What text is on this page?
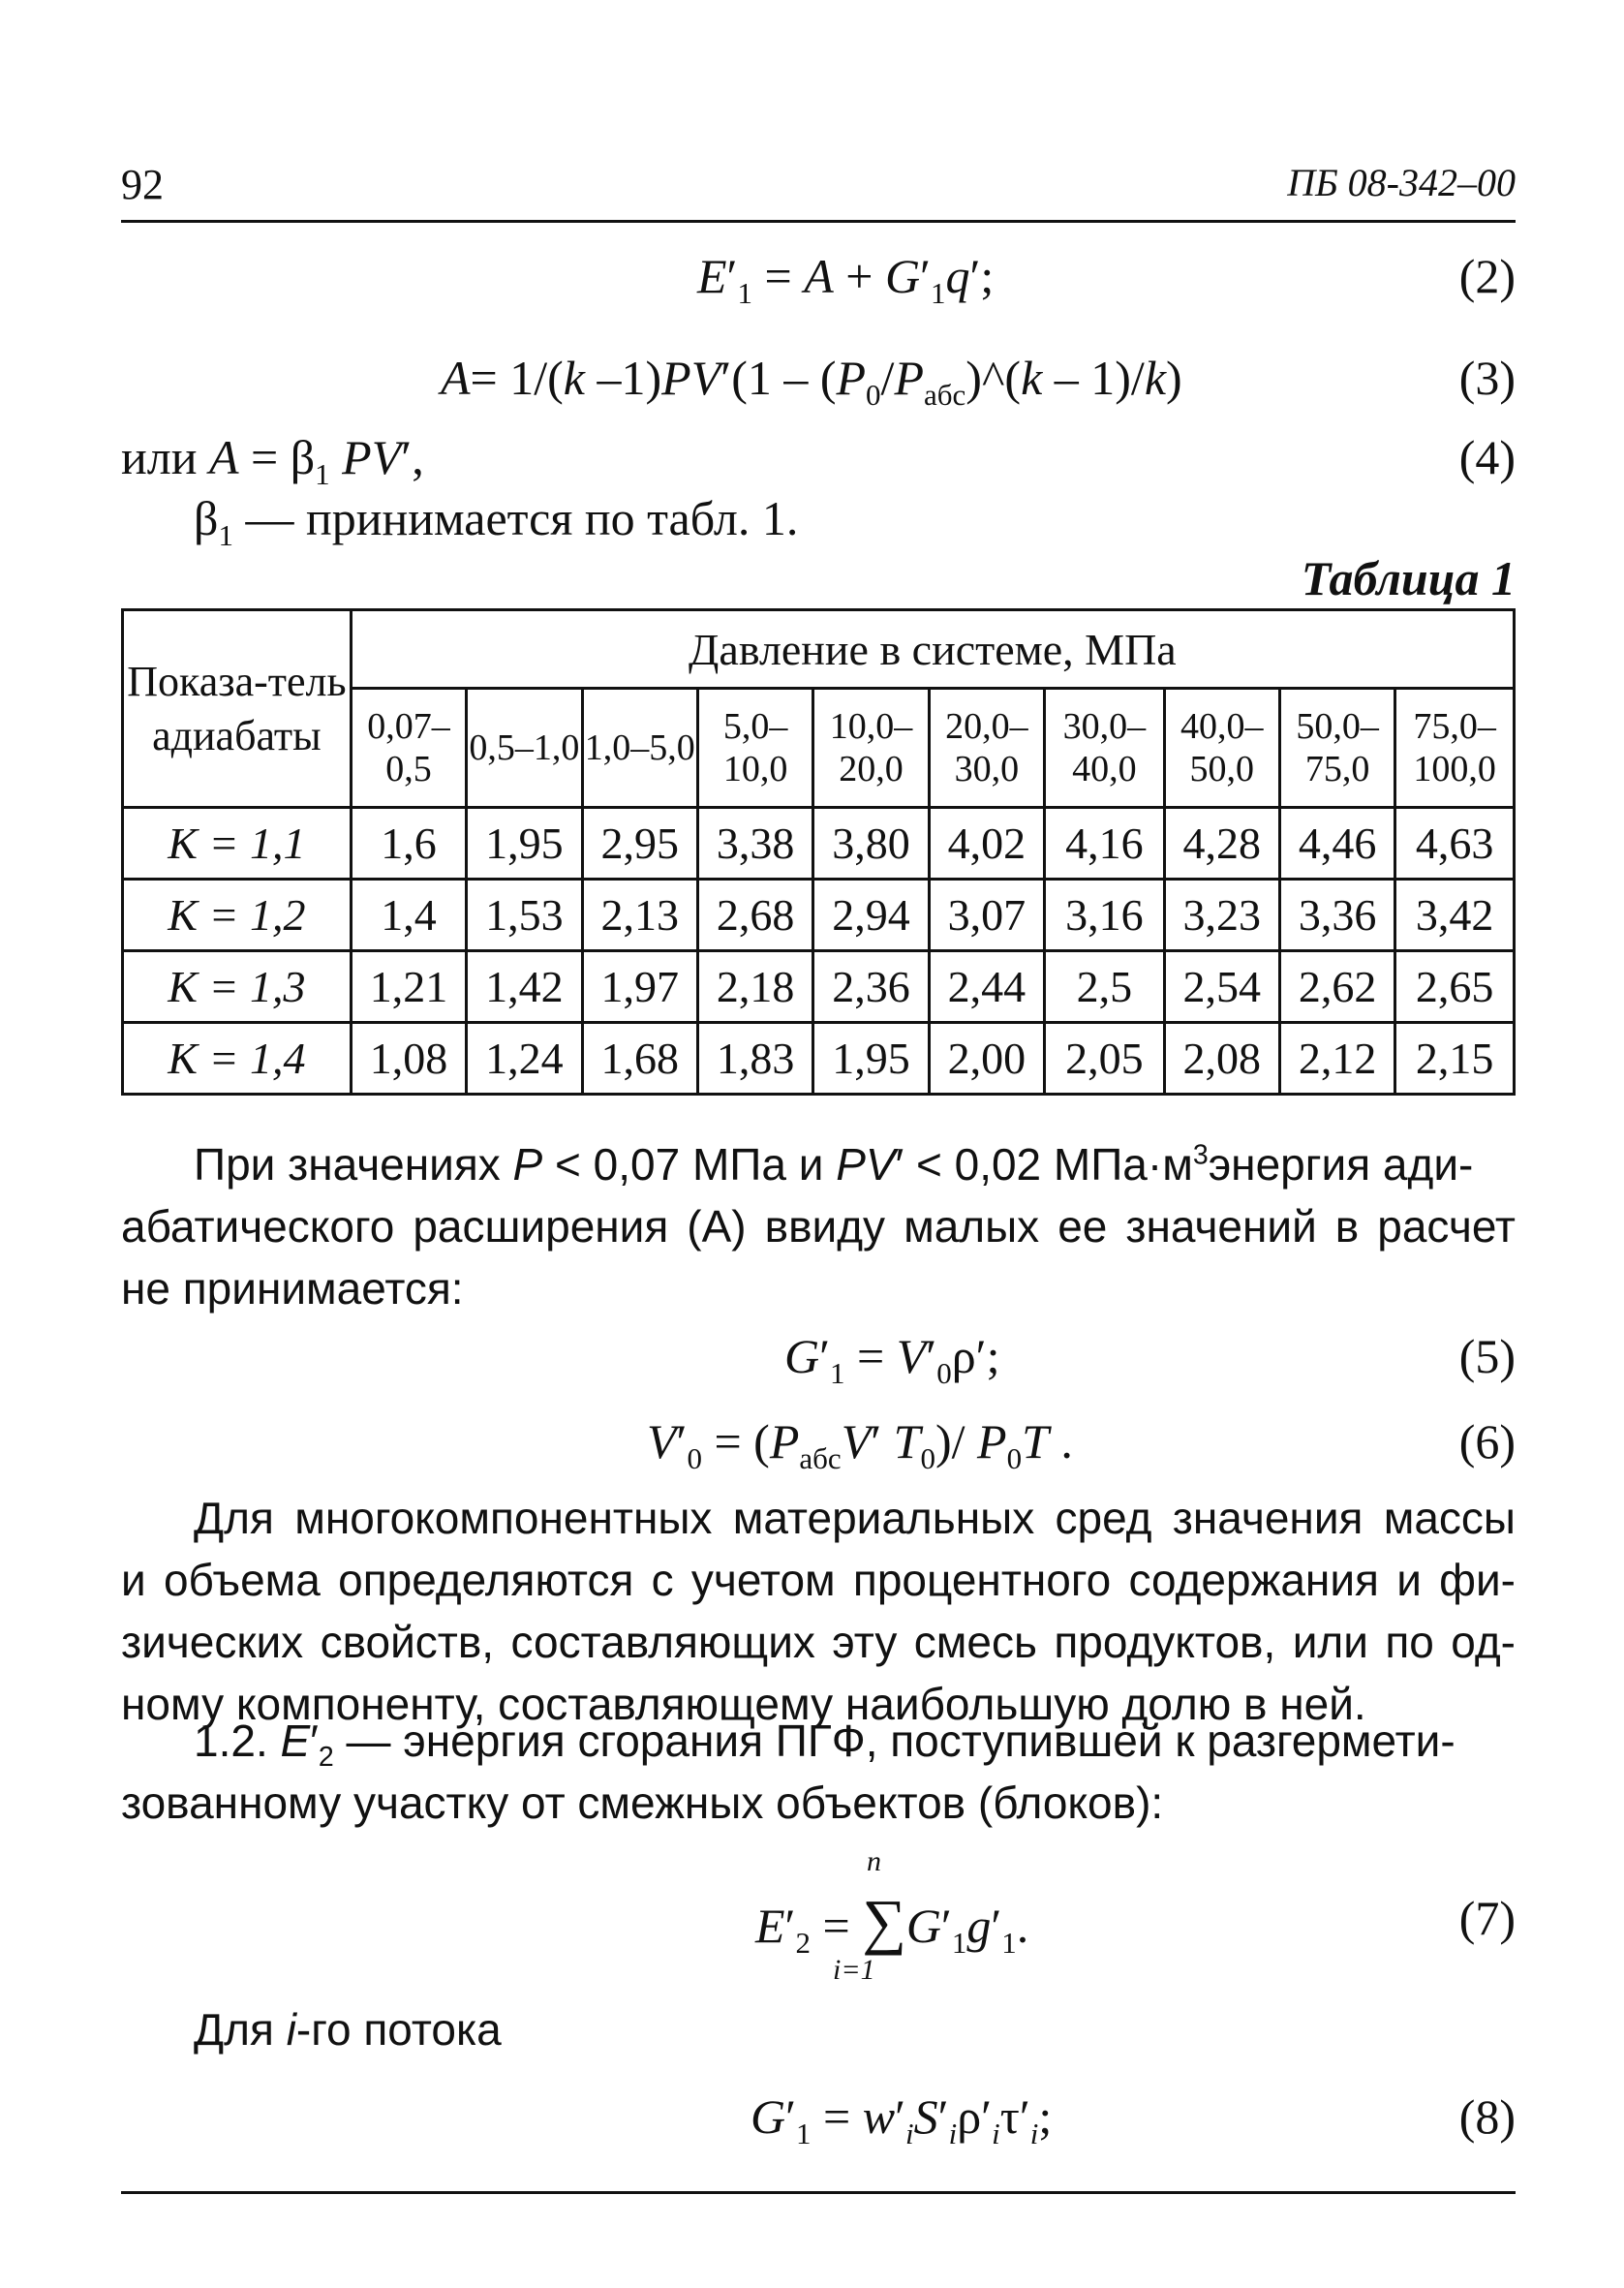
92	ПБ 08-342–00
$E'_1 = A + G'_1q'$;	(2)
A= 1/(k $-1)PV'(1 - (P_0/P_{абс})\^{}(k - 1)/k)$	(3)
или $A = \beta_1$ PV′,	(4)
$\beta_1$ — принимается по табл. 1.
Таблица 1
Показа-тель адиабаты	Давление в системе, МПа									
	0,07–0,5	0,5–1,0	1,0–5,0	5,0–10,0	10,0–20,0	20,0–30,0	30,0–40,0	40,0–50,0	50,0–75,0	75,0–100,0
K = 1,1	1,6	1,95	2,95	3,38	3,80	4,02	4,16	4,28	4,46	4,63
K = 1,2	1,4	1,53	2,13	2,68	2,94	3,07	3,16	3,23	3,36	3,42
K = 1,3	1,21	1,42	1,97	2,18	2,36	2,44	2,5	2,54	2,62	2,65
K = 1,4	1,08	1,24	1,68	1,83	1,95	2,00	2,05	2,08	2,12	2,15
При значениях P < 0,07 МПа и PV′ < 0,02 $МПа\cdot м^3энергия$ ади-
абатического расширения (A) ввиду малых ее значений в расчет
не принимается:
$G'_1 = V'_0\rho'$;	(5)
$V'_0 = (P_{абс}V'$ $T_0)/$ $P_0T$ .	(6)
Для многокомпонентных материальных сред значения массы
и объема определяются с учетом процентного содержания и фи-
зических свойств, составляющих эту смесь продуктов, или по од-
ному компоненту, составляющему наибольшую долю в ней.
1.2. $E'_2$ — энергия сгорания ПГФ, поступившей к разгермети-
зованному участку от смежных объектов (блоков):
n
$E'_2 = \sum G'_1g'_1$.
i=1
(7)
Для i-го потока
$G'_1 = w'_iS'_i\rho'_i\tau'_i$;	(8)
